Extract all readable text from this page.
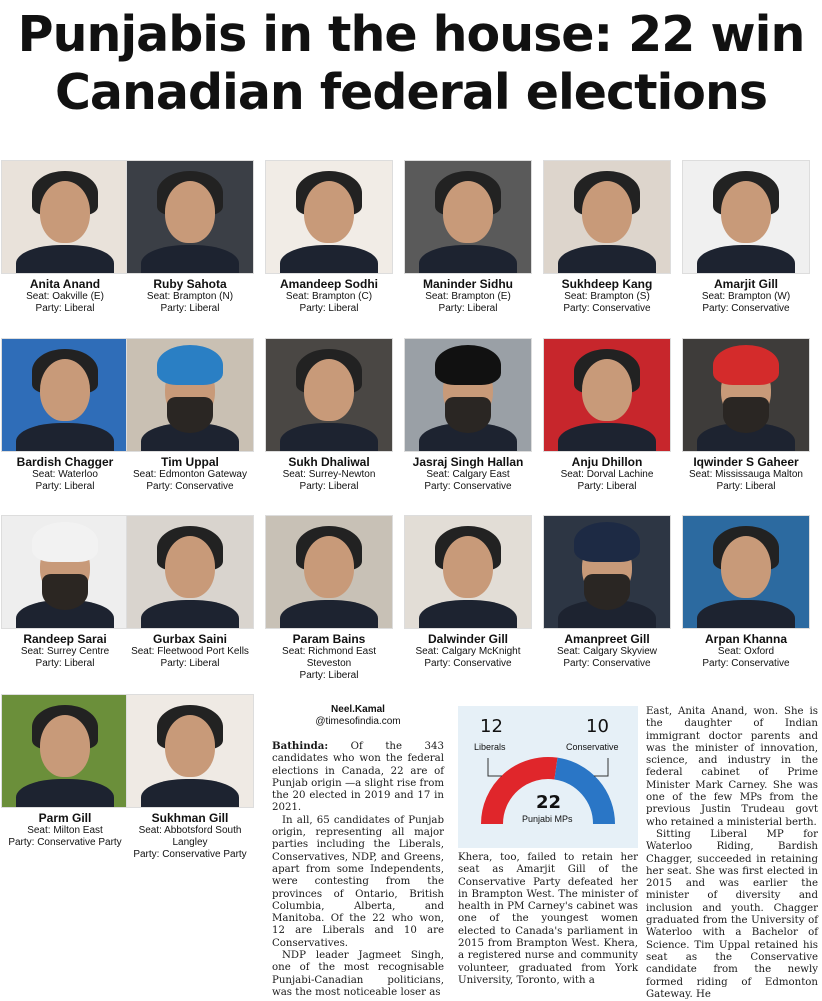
Punjabis in the house: 22 win Canadian federal elections
Anita Anand
Seat: Oakville (E)
Party: Liberal
Ruby Sahota
Seat: Brampton (N)
Party: Liberal
Amandeep Sodhi
Seat: Brampton (C)
Party: Liberal
Maninder Sidhu
Seat: Brampton (E)
Party: Liberal
Sukhdeep Kang
Seat: Brampton (S)
Party: Conservative
Amarjit Gill
Seat: Brampton (W)
Party: Conservative
Bardish Chagger
Seat: Waterloo
Party: Liberal
Tim Uppal
Seat: Edmonton Gateway
Party: Conservative
Sukh Dhaliwal
Seat: Surrey-Newton
Party: Liberal
Jasraj Singh Hallan
Seat: Calgary East
Party: Conservative
Anju Dhillon
Seat: Dorval Lachine
Party: Liberal
Iqwinder S Gaheer
Seat: Mississauga Malton
Party: Liberal
Randeep Sarai
Seat: Surrey Centre
Party: Liberal
Gurbax Saini
Seat: Fleetwood Port Kells
Party: Liberal
Param Bains
Seat: Richmond East
Steveston
Party: Liberal
Dalwinder Gill
Seat: Calgary McKnight
Party: Conservative
Amanpreet Gill
Seat: Calgary Skyview
Party: Conservative
Arpan Khanna
Seat: Oxford
Party: Conservative
Parm Gill
Seat: Milton East
Party: Conservative Party
Sukhman Gill
Seat: Abbotsford South
Langley
Party: Conservative Party
Neel.Kamal
@timesofindia.com

Bathinda: Of the 343 candidates who won the federal elections in Canada, 22 are of Punjab origin —a slight rise from the 20 elected in 2019 and 17 in 2021.

In all, 65 candidates of Punjab origin, representing all major parties including the Liberals, Conservatives, NDP, and Greens, apart from some Independents, were contesting from the provinces of Ontario, British Columbia, Alberta, and Manitoba. Of the 22 who won, 12 are Liberals and 10 are Conservatives.

NDP leader Jagmeet Singh, one of the most recognisable Punjabi-Canadian politicians, was the most noticeable loser as

12
Liberals
10
Conservative
22
Punjabi MPs

Khera, too, failed to retain her seat as Amarjit Gill of the Conservative Party defeated her in Brampton West. The minister of health in PM Carney's cabinet was one of the youngest women elected to Canada's parliament in 2015 from Brampton West. Khera, a registered nurse and community volunteer, graduated from York University, Toronto, with a

East, Anita Anand, won. She is the daughter of Indian immigrant doctor parents and was the minister of innovation, science, and industry in the federal cabinet of Prime Minister Mark Carney. She was one of the few MPs from the previous Justin Trudeau govt who retained a ministerial berth.

Sitting Liberal MP for Waterloo Riding, Bardish Chagger, succeeded in retaining her seat. She was first elected in 2015 and was earlier the minister of diversity and inclusion and youth. Chagger graduated from the University of Waterloo with a Bachelor of Science. Tim Uppal retained his seat as the Conservative candidate from the newly formed riding of Edmonton Gateway. He
